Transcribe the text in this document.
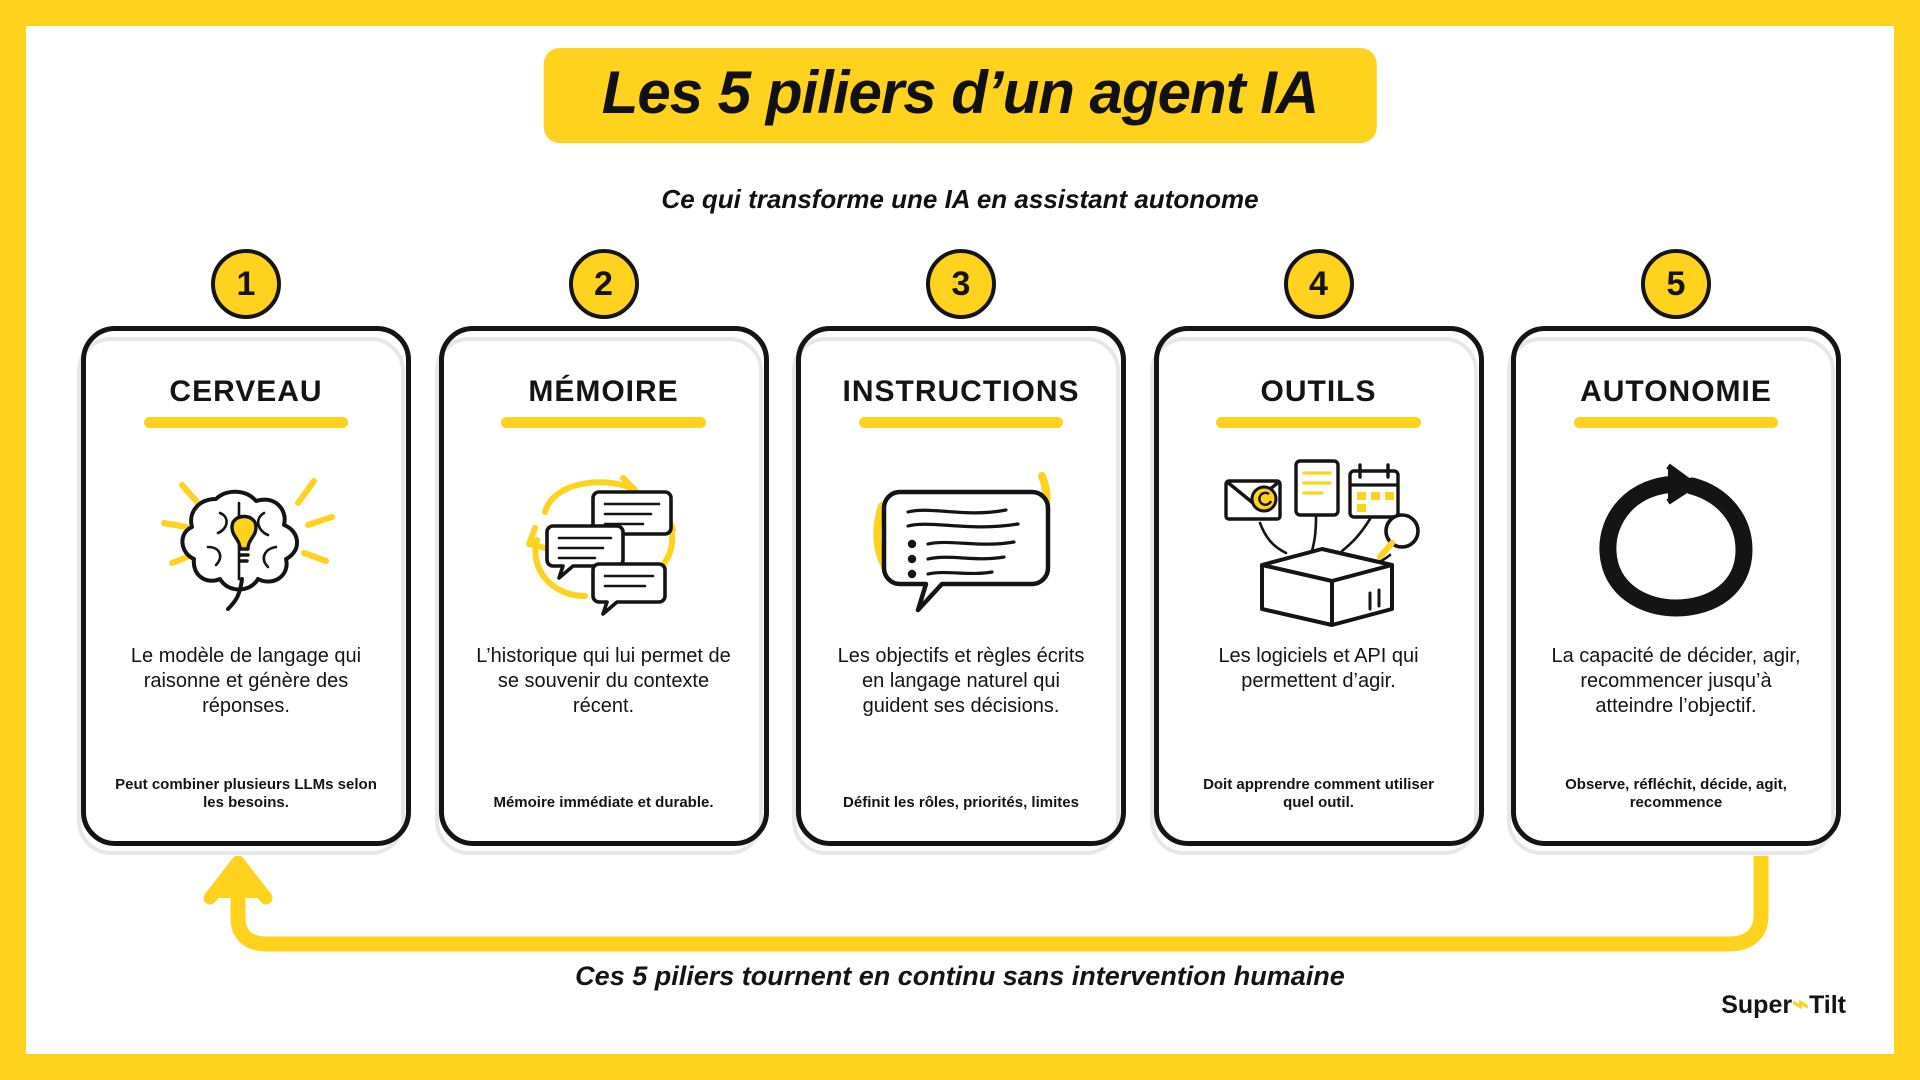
Les 5 piliers d’un agent IA
Ce qui transforme une IA en assistant autonome
1
CERVEAU
Le modèle de langage qui raisonne et génère des réponses.
Peut combiner plusieurs LLMs selon les besoins.
2
MÉMOIRE
L’historique qui lui permet de se souvenir du contexte récent.
Mémoire immédiate et durable.
3
INSTRUCTIONS
Les objectifs et règles écrits en langage naturel qui guident ses décisions.
Définit les rôles, priorités, limites
4
OUTILS
Les logiciels et API qui permettent d’agir.
Doit apprendre comment utiliser quel outil.
5
AUTONOMIE
La capacité de décider, agir, recommencer jusqu’à atteindre l’objectif.
Observe, réfléchit, décide, agit, recommence
Ces 5 piliers tournent en continu sans intervention humaine
Super⌁Tilt
